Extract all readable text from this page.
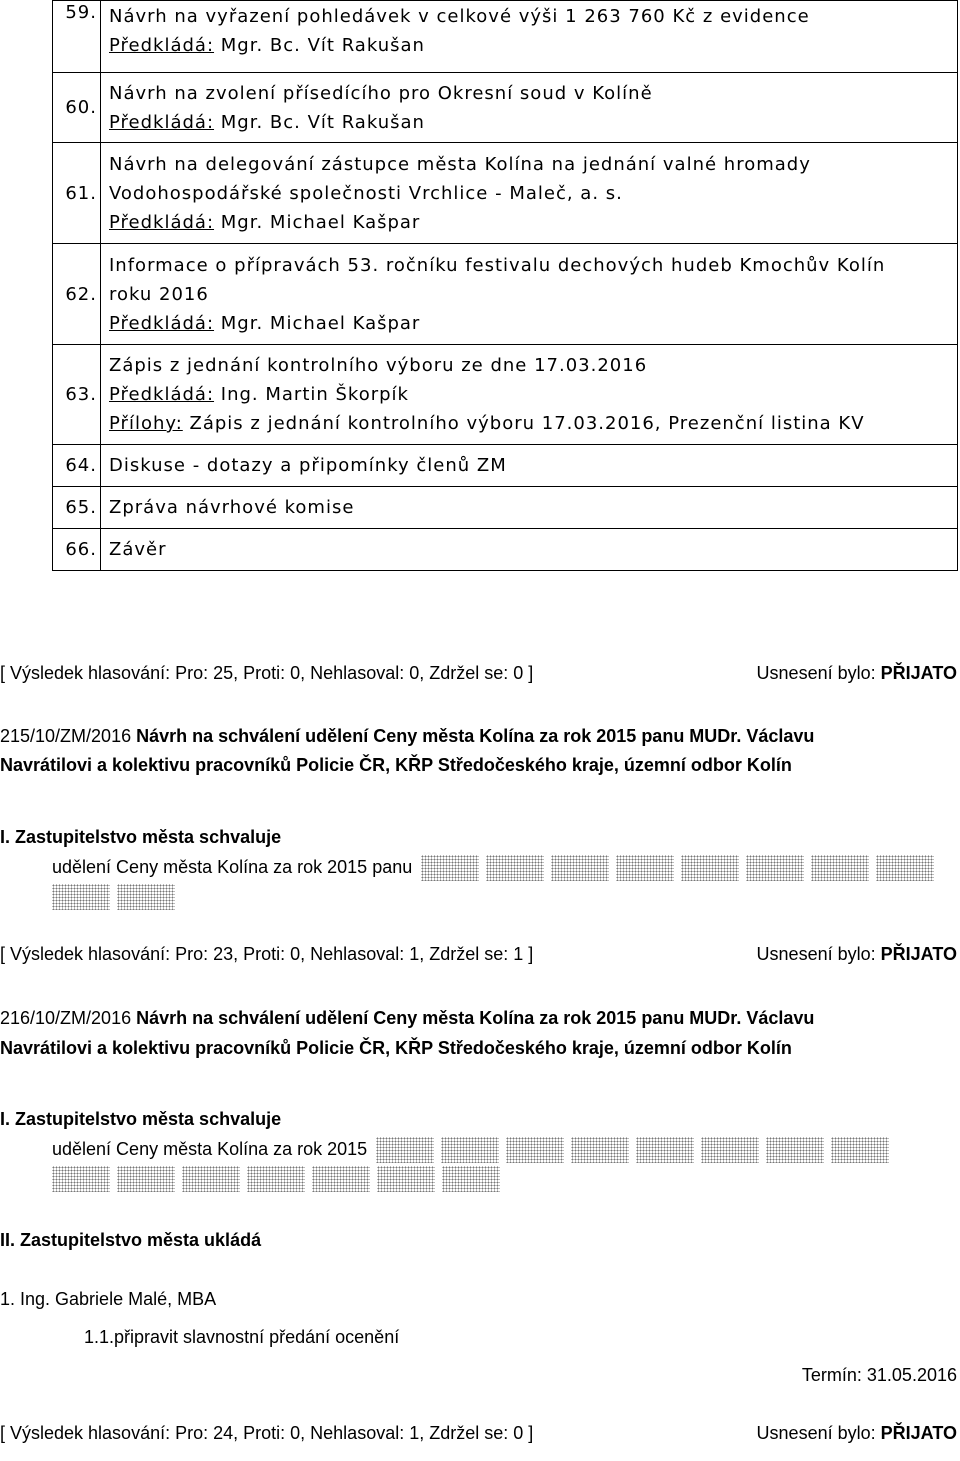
59.	Návrh na vyřazení pohledávek v celkové výši 1 263 760 Kč z evidence
Předkládá: Mgr. Bc. Vít Rakušan

60.	Návrh na zvolení přísedícího pro Okresní soud v Kolíně
Předkládá: Mgr. Bc. Vít Rakušan

61.	Návrh na delegování zástupce města Kolína na jednání valné hromady
Vodohospodářské společnosti Vrchlice - Maleč, a. s.
Předkládá: Mgr. Michael Kašpar

62.	Informace o přípravách 53. ročníku festivalu dechových hudeb Kmochův Kolín
roku 2016
Předkládá: Mgr. Michael Kašpar

63.	Zápis z jednání kontrolního výboru ze dne 17.03.2016
Předkládá: Ing. Martin Škorpík
Přílohy: Zápis z jednání kontrolního výboru 17.03.2016, Prezenční listina KV

64.	Diskuse - dotazy a připomínky členů ZM
65.	Zpráva návrhové komise
66.	Závěr
[ Výsledek hlasování: Pro: 25, Proti: 0, Nehlasoval: 0, Zdržel se: 0 ]	Usnesení bylo: PŘIJATO
215/10/ZM/2016 Návrh na schválení udělení Ceny města Kolína za rok 2015 panu MUDr. Václavu
Navrátilovi a kolektivu pracovníků Policie ČR, KŘP Středočeského kraje, územní odbor Kolín
I. Zastupitelstvo města schvaluje
udělení Ceny města Kolína za rok 2015 panu
[ Výsledek hlasování: Pro: 23, Proti: 0, Nehlasoval: 1, Zdržel se: 1 ]	Usnesení bylo: PŘIJATO
216/10/ZM/2016 Návrh na schválení udělení Ceny města Kolína za rok 2015 panu MUDr. Václavu
Navrátilovi a kolektivu pracovníků Policie ČR, KŘP Středočeského kraje, územní odbor Kolín
I. Zastupitelstvo města schvaluje
udělení Ceny města Kolína za rok 2015
II. Zastupitelstvo města ukládá
1. Ing. Gabriele Malé, MBA
1.1.připravit slavnostní předání ocenění
Termín: 31.05.2016
[ Výsledek hlasování: Pro: 24, Proti: 0, Nehlasoval: 1, Zdržel se: 0 ]	Usnesení bylo: PŘIJATO
